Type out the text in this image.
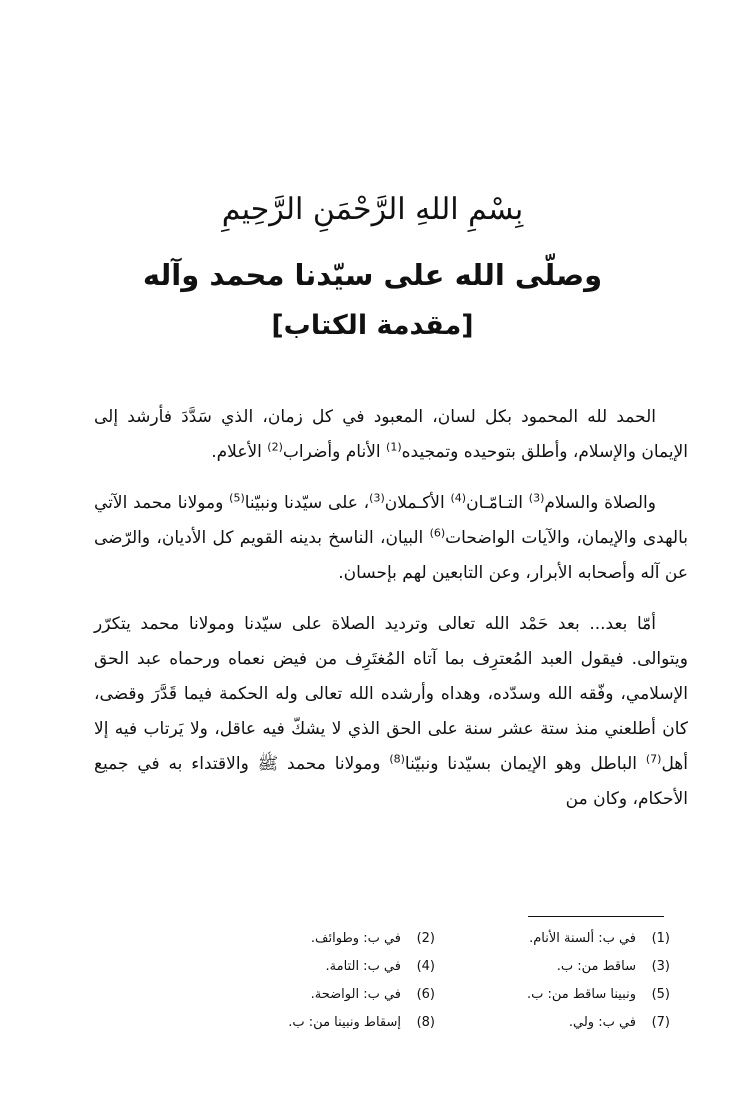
بِسْمِ اللهِ الرَّحْمَنِ الرَّحِيمِ
وصلّى الله على سيّدنا محمد وآله
[مقدمة الكتاب]

الحمد لله المحمود بكل لسان، المعبود في كل زمان، الذي سَدَّدَ فأرشد إلى الإيمان والإسلام، وأطلق بتوحيده وتمجيده$^{(1)}$ الأنام وأضراب$^{(2)}$ الأعلام.

والصلاة والسلام$^{(3)}$ التـامّـان$^{(4)}$ الأكـملان$^{(3)}$، على سيّدنا ونبيّنا$^{(5)}$ ومولانا محمد الآتي بالهدى والإيمان، والآيات الواضحات$^{(6)}$ البيان، الناسخ بدينه القويم كل الأديان، والرّضى عن آله وأصحابه الأبرار، وعن التابعين لهم بإحسان.

أمّا بعد... بعد حَمْد الله تعالى وترديد الصلاة على سيّدنا ومولانا محمد يتكرّر ويتوالى. فيقول العبد المُعترِف بما آتاه المُغتَرِف من فيض نعماه ورحماه عبد الحق الإسلامي، وفّقه الله وسدّده، وهداه وأرشده الله تعالى وله الحكمة فيما قَدَّرَ وقضى، كان أطلعني منذ ستة عشر سنة على الحق الذي لا يشكّ فيه عاقل، ولا يَرتاب فيه إلا أهل$^{(7)}$ الباطل وهو الإيمان بسيّدنا ونبيّنا$^{(8)}$ ومولانا محمد ﷺ والاقتداء به في جميع الأحكام، وكان من

(1)في ب: ألسنة الأنام.
(2)في ب: وطوائف.
(3)ساقط من: ب.
(4)في ب: التامة.
(5)ونبينا ساقط من: ب.
(6)في ب: الواضحة.
(7)في ب: ولي.
(8)إسقاط ونبينا من: ب.
